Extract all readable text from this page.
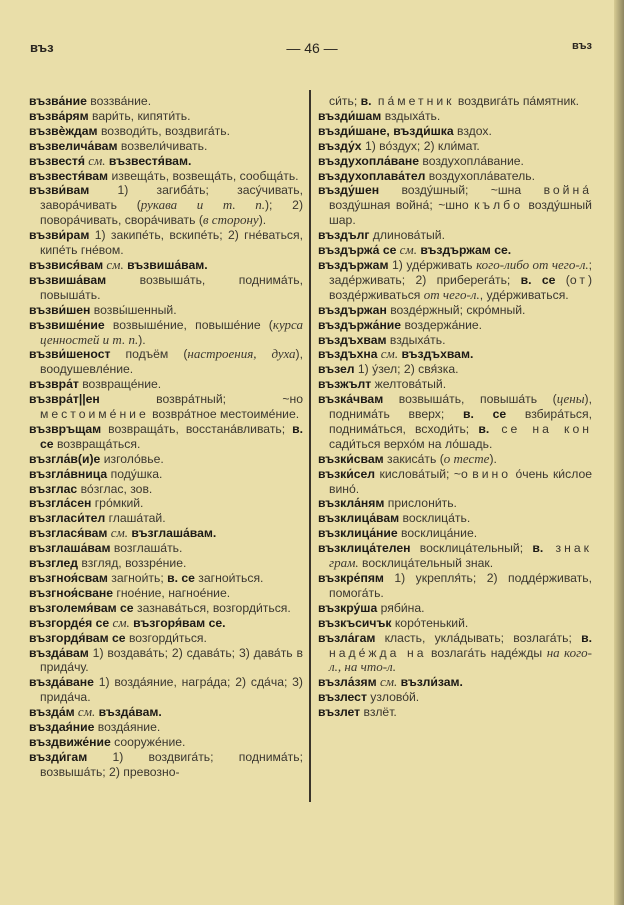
въз	— 46 —	въз
възва́ние воззва́ние.
възва́рям вари́ть, кипяти́ть.
възвѐждам возводи́ть, воздвига́ть.
възвелича́вам возвели́чивать.
възвестя́ см. възвестя́вам.
възвестя́вам извеща́ть, возвеща́ть, сообща́ть.
възви́вам 1) загиба́ть; засу́чивать, завора́чивать (рукава и т. п.); 2) повора́чивать, свора́чивать (в сторону).
възви́рам 1) закипе́ть, вскипе́ть; 2) гне́ваться, кипе́ть гне́вом.
възвися́вам см. възвиша́вам.
възвиша́вам возвыша́ть, поднима́ть, повыша́ть.
възви́шен возвы́шенный.
възвише́ние возвыше́ние, повыше́ние (курса ценностей и т. п.).
възви́шеност подъём (настроения, духа), воодушевле́ние.
възвра́т возвраще́ние.
възвра́т||ен возвра́тный; ~но местоиме́ние возвра́тное местоиме́ние.
възвръщам возвраща́ть, восстана́вливать; в. се возвраща́ться.
възгла́в(и)е изголо́вье.
възгла́вница поду́шка.
възглас во́зглас, зов.
възгла́сен гро́мкий.
възгласи́тел глаша́тай.
възглася́вам см. възглаша́вам.
възглаша́вам возглаша́ть.
възглед взгляд, воззре́ние.
възгноя́свам загнои́ть; в. се загнои́ться.
възгноя́сване гное́ние, нагное́ние.
възголемя́вам се зазнава́ться, возгорди́ться.
възгорде́я се см. възгоря́вам се.
възгордя́вам се возгорди́ться.
възда́вам 1) воздава́ть; 2) сдава́ть; 3) дава́ть в прида́чу.
възда́ване 1) возда́яние, награ́да; 2) сда́ча; 3) прида́ча.
възда́м см. възда́вам.
въздая́ние возда́яние.
въздвиже́ние сооруже́ние.
възди́гам 1) воздвига́ть; поднима́ть; возвыша́ть; 2) превозно-
си́ть; в. па́метник воздвига́ть па́мятник.
възди́шам вздыха́ть.
възди́шане, възди́шка вздох.
възду́х 1) во́здух; 2) кли́мат.
въздухопла́ване воздухопла́вание.
въздухоплава́тел воздухопла́ватель.
възду́шен возду́шный; ~шна война́ возду́шная война́; ~шно кълбо возду́шный шар.
въздълг длинова́тый.
въздържа́ се см. въздържам се.
въздържам 1) уде́рживать кого-либо от чего-л.; заде́рживать; 2) приберега́ть; в. се (от) возде́рживаться от чего-л., уде́рживаться.
въздържан возде́ржный; скро́мный.
въздържа́ние воздержа́ние.
въздъхвам вздыха́ть.
въздъхна см. въздъхвам.
възел 1) у́зел; 2) свя́зка.
възжълт желтова́тый.
възка́чвам возвыша́ть, повыша́ть (цены), поднима́ть вверх; в. се взбира́ться, поднима́ться, всходи́ть; в. се на кон сади́ться верхо́м на ло́шадь.
възки́свам закиса́ть (о тесте).
възки́сел кислова́тый; ~о вино о́чень ки́слое вино́.
възкла́ням прислони́ть.
възклица́вам восклица́ть.
възклица́ние восклица́ние.
възклица́телен восклица́тельный; в. знак грам. восклица́тельный знак.
възкре́пям 1) укрепля́ть; 2) подде́рживать, помога́ть.
възкру́ша ряби́на.
възкъсичък коро́тенький.
възла́гам класть, укла́дывать; возлага́ть; в. наде́жда на возлага́ть наде́жды на кого-л., на что-л.
възла́зям см. възли́зам.
възлест узлово́й.
възлет взлёт.
